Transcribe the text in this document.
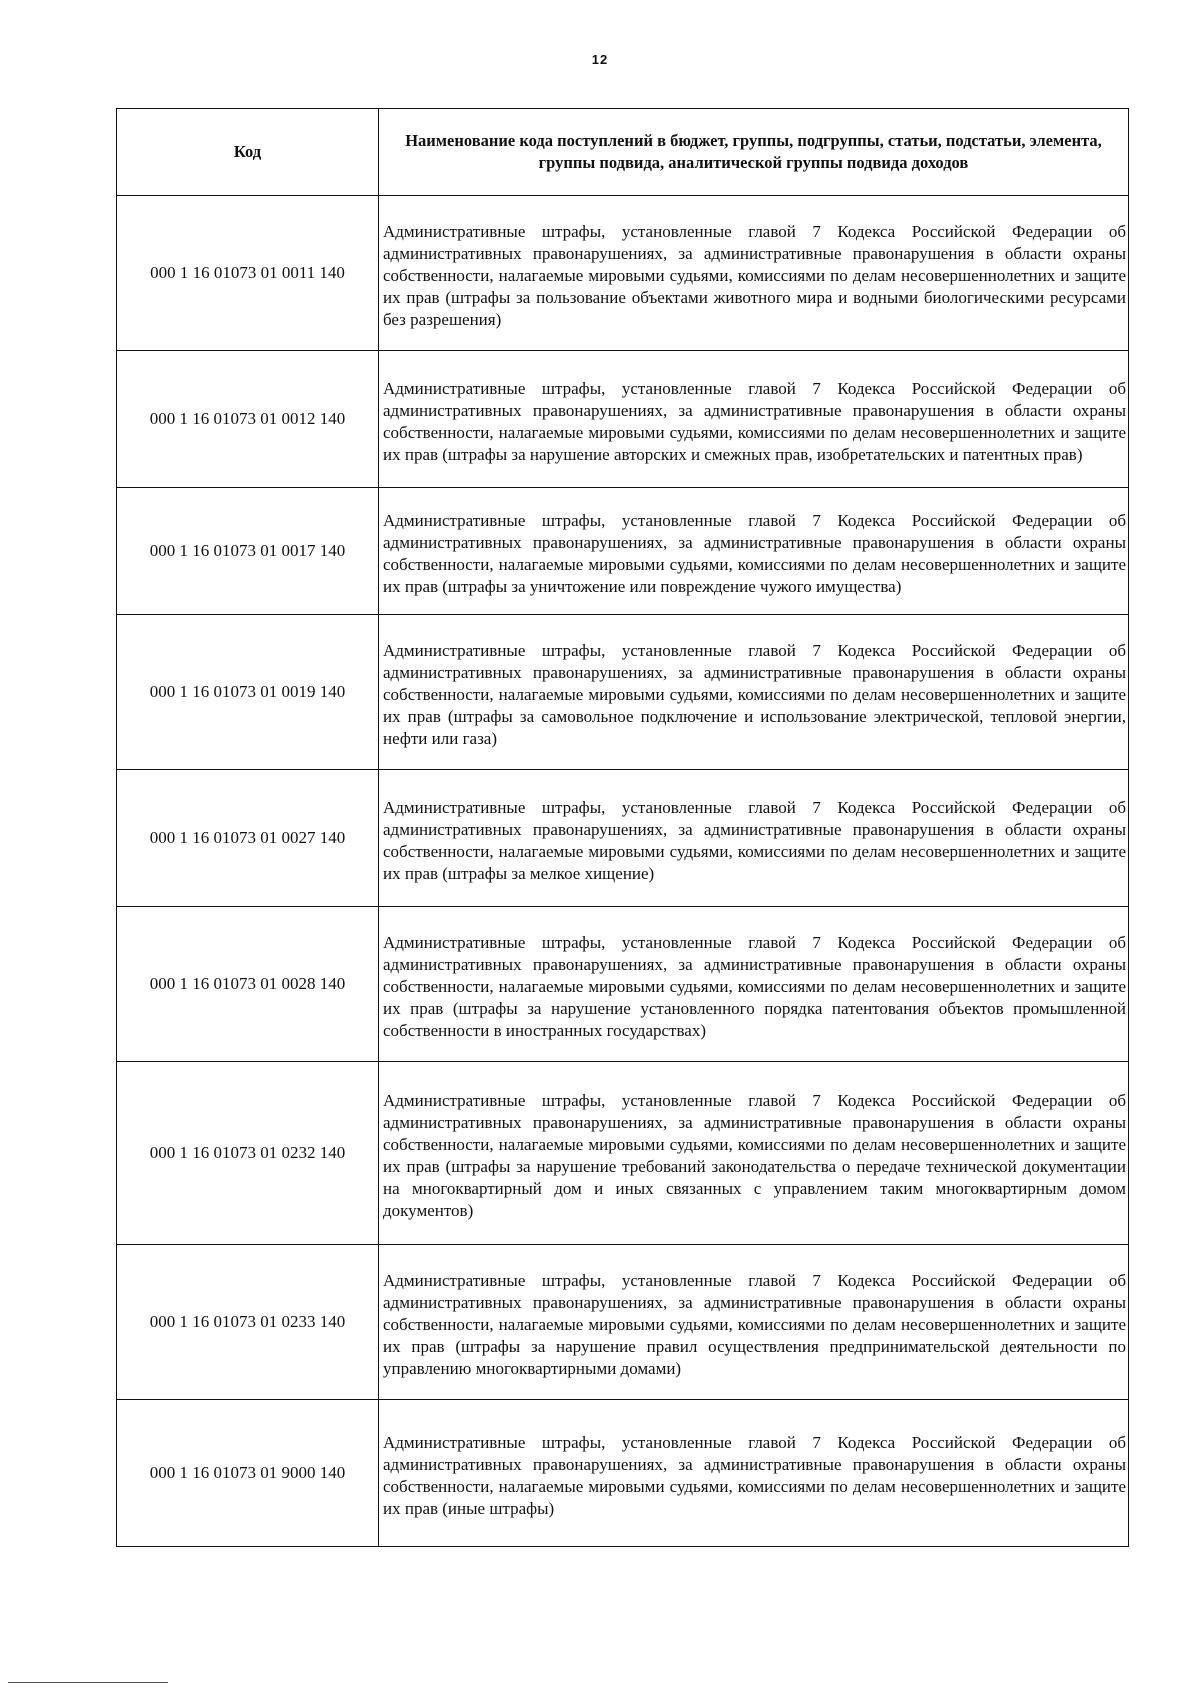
12
Код	Наименование кода поступлений в бюджет, группы, подгруппы, статьи, подстатьи, элемента, группы подвида, аналитической группы подвида доходов
000 1 16 01073 01 0011 140	Административные штрафы, установленные главой 7 Кодекса Российской Федерации об административных правонарушениях, за административные правонарушения в области охраны собственности, налагаемые мировыми судьями, комиссиями по делам несовершеннолетних и защите их прав (штрафы за пользование объектами животного мира и водными биологическими ресурсами без разрешения)
000 1 16 01073 01 0012 140	Административные штрафы, установленные главой 7 Кодекса Российской Федерации об административных правонарушениях, за административные правонарушения в области охраны собственности, налагаемые мировыми судьями, комиссиями по делам несовершеннолетних и защите их прав (штрафы за нарушение авторских и смежных прав, изобретательских и патентных прав)
000 1 16 01073 01 0017 140	Административные штрафы, установленные главой 7 Кодекса Российской Федерации об административных правонарушениях, за административные правонарушения в области охраны собственности, налагаемые мировыми судьями, комиссиями по делам несовершеннолетних и защите их прав (штрафы за уничтожение или повреждение чужого имущества)
000 1 16 01073 01 0019 140	Административные штрафы, установленные главой 7 Кодекса Российской Федерации об административных правонарушениях, за административные правонарушения в области охраны собственности, налагаемые мировыми судьями, комиссиями по делам несовершеннолетних и защите их прав (штрафы за самовольное подключение и использование электрической, тепловой энергии, нефти или газа)
000 1 16 01073 01 0027 140	Административные штрафы, установленные главой 7 Кодекса Российской Федерации об административных правонарушениях, за административные правонарушения в области охраны собственности, налагаемые мировыми судьями, комиссиями по делам несовершеннолетних и защите их прав (штрафы за мелкое хищение)
000 1 16 01073 01 0028 140	Административные штрафы, установленные главой 7 Кодекса Российской Федерации об административных правонарушениях, за административные правонарушения в области охраны собственности, налагаемые мировыми судьями, комиссиями по делам несовершеннолетних и защите их прав (штрафы за нарушение установленного порядка патентования объектов промышленной собственности в иностранных государствах)
000 1 16 01073 01 0232 140	Административные штрафы, установленные главой 7 Кодекса Российской Федерации об административных правонарушениях, за административные правонарушения в области охраны собственности, налагаемые мировыми судьями, комиссиями по делам несовершеннолетних и защите их прав (штрафы за нарушение требований законодательства о передаче технической документации на многоквартирный дом и иных связанных с управлением таким многоквартирным домом документов)
000 1 16 01073 01 0233 140	Административные штрафы, установленные главой 7 Кодекса Российской Федерации об административных правонарушениях, за административные правонарушения в области охраны собственности, налагаемые мировыми судьями, комиссиями по делам несовершеннолетних и защите их прав (штрафы за нарушение правил осуществления предпринимательской деятельности по управлению многоквартирными домами)
000 1 16 01073 01 9000 140	Административные штрафы, установленные главой 7 Кодекса Российской Федерации об административных правонарушениях, за административные правонарушения в области охраны собственности, налагаемые мировыми судьями, комиссиями по делам несовершеннолетних и защите их прав (иные штрафы)
